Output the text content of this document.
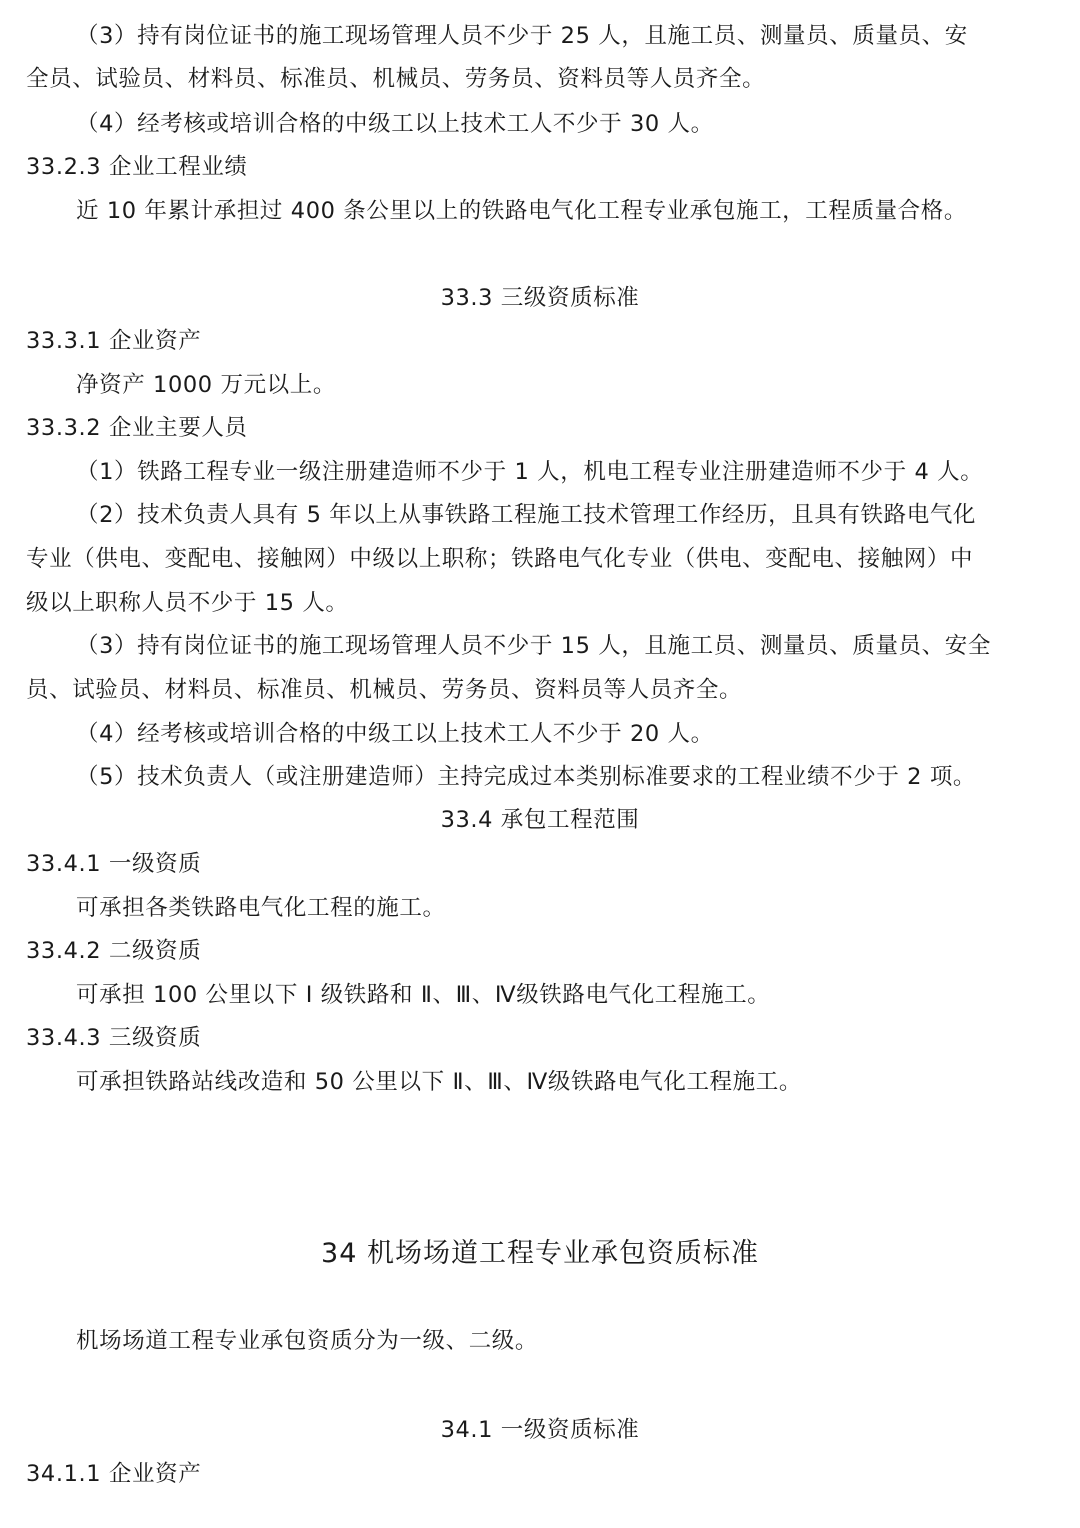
（3）持有岗位证书的施工现场管理人员不少于 25 人，且施工员、测量员、质量员、安
全员、试验员、材料员、标准员、机械员、劳务员、资料员等人员齐全。
（4）经考核或培训合格的中级工以上技术工人不少于 30 人。
33.2.3 企业工程业绩
近 10 年累计承担过 400 条公里以上的铁路电气化工程专业承包施工，工程质量合格。
33.3 三级资质标准
33.3.1 企业资产
净资产 1000 万元以上。
33.3.2 企业主要人员
（1）铁路工程专业一级注册建造师不少于 1 人，机电工程专业注册建造师不少于 4 人。
（2）技术负责人具有 5 年以上从事铁路工程施工技术管理工作经历，且具有铁路电气化
专业（供电、变配电、接触网）中级以上职称；铁路电气化专业（供电、变配电、接触网）中
级以上职称人员不少于 15 人。
（3）持有岗位证书的施工现场管理人员不少于 15 人，且施工员、测量员、质量员、安全
员、试验员、材料员、标准员、机械员、劳务员、资料员等人员齐全。
（4）经考核或培训合格的中级工以上技术工人不少于 20 人。
（5）技术负责人（或注册建造师）主持完成过本类别标准要求的工程业绩不少于 2 项。
33.4 承包工程范围
33.4.1 一级资质
可承担各类铁路电气化工程的施工。
33.4.2 二级资质
可承担 100 公里以下 Ⅰ 级铁路和 Ⅱ、Ⅲ、Ⅳ级铁路电气化工程施工。
33.4.3 三级资质
可承担铁路站线改造和 50 公里以下 Ⅱ、Ⅲ、Ⅳ级铁路电气化工程施工。
34 机场场道工程专业承包资质标准
机场场道工程专业承包资质分为一级、二级。
34.1 一级资质标准
34.1.1 企业资产
